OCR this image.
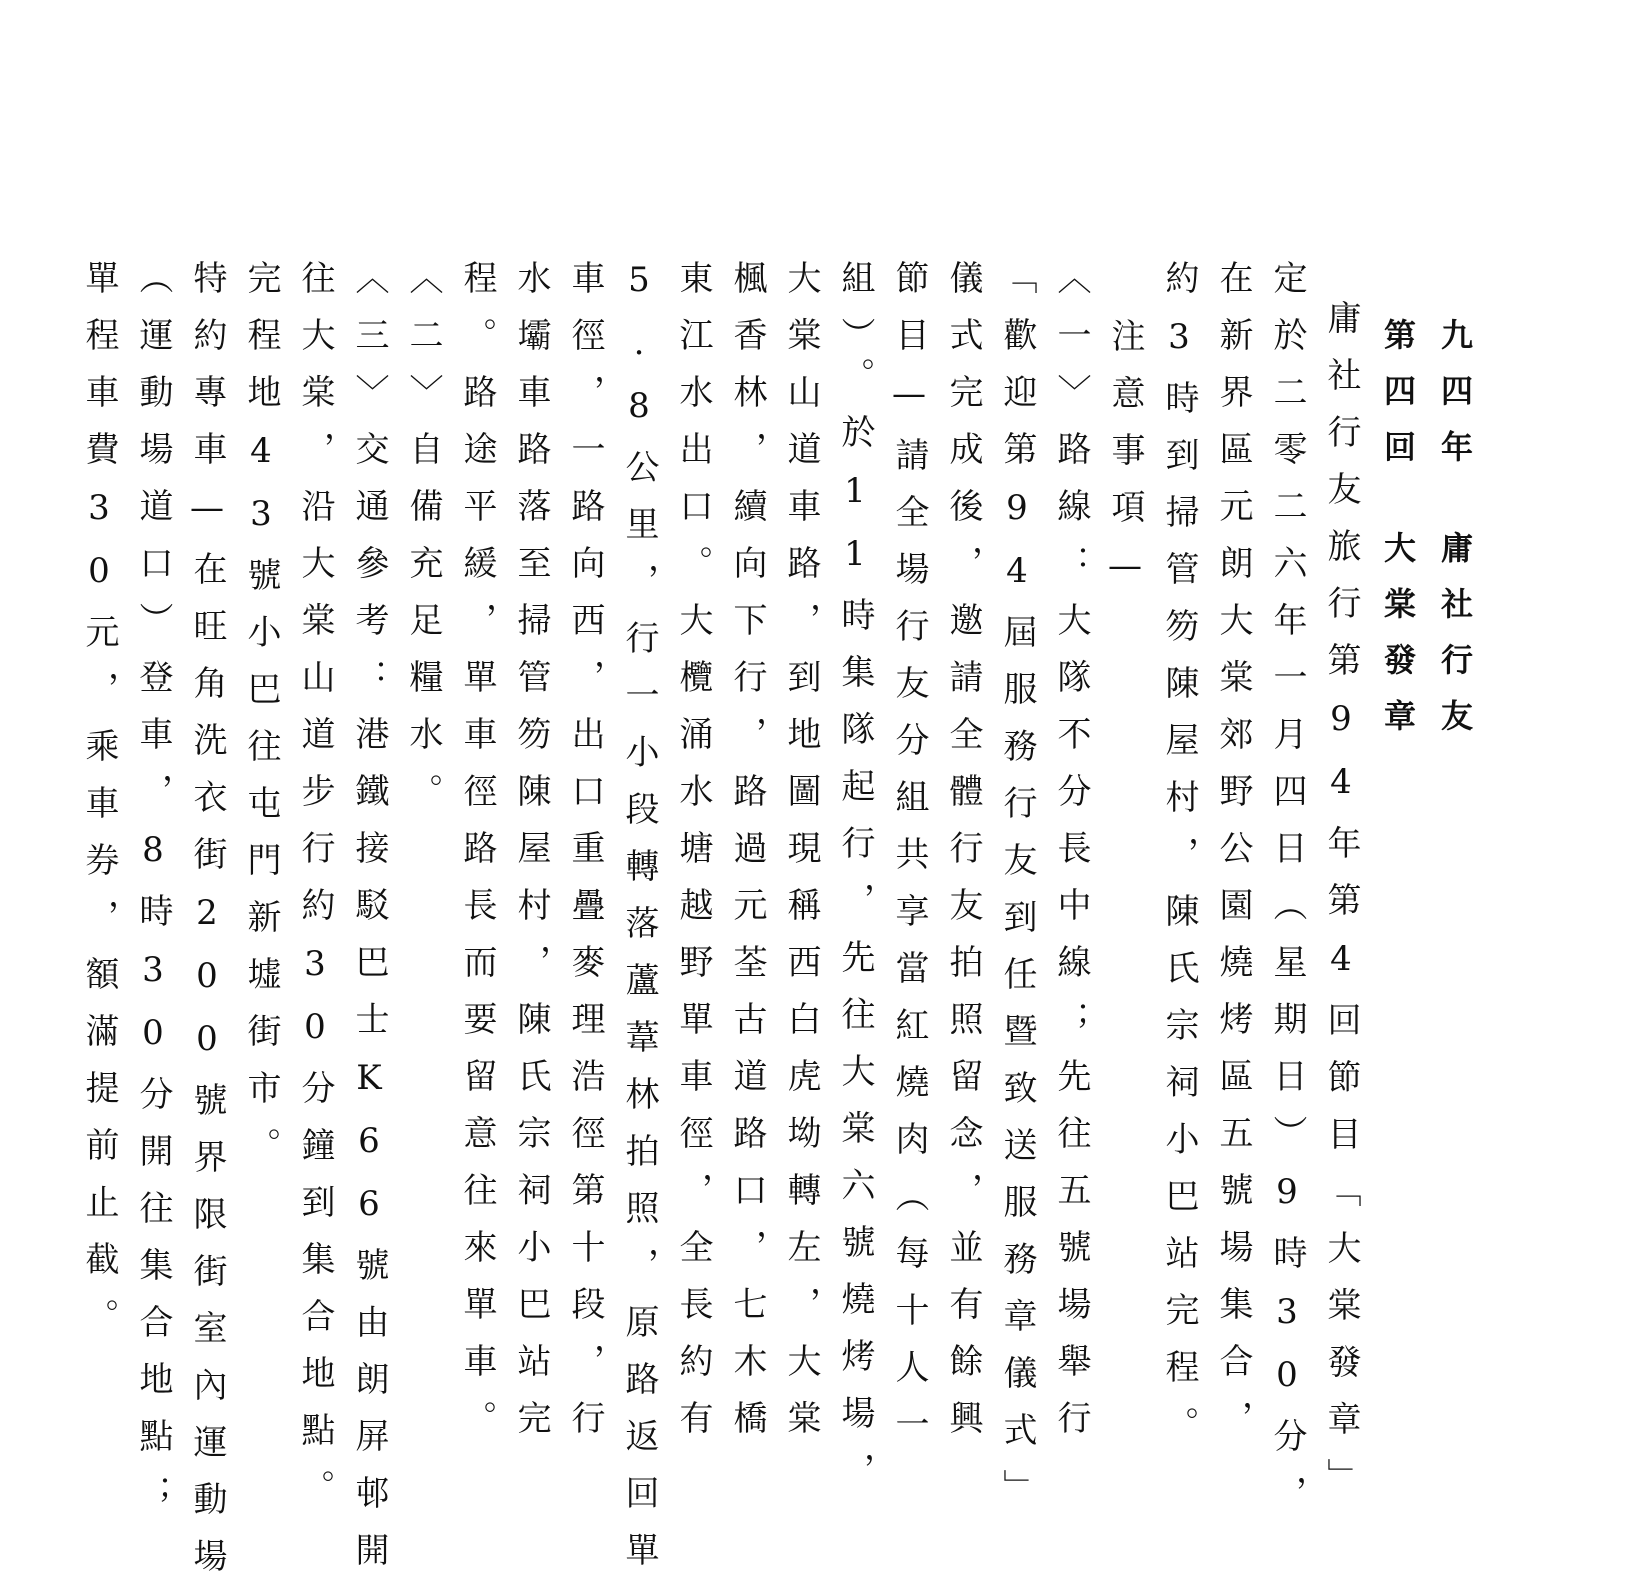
九四年
庸社行友
第四回
大棠發章
庸社行友旅行第94年第4回節目「大棠發章」
定於二零二六年一月四日（星期日）9時30分，
在新界區元朗大棠郊野公園燒烤區五號場集合，
約3時到掃管笏陳屋村，陳氏宗祠小巴站完程。
注意事項—
〈一〉路線：大隊不分長中線；先往五號場舉行
「歡迎第94屆服務行友到任暨致送服務章儀式」
儀式完成後，邀請全體行友拍照留念，並有餘興
節目—請全場行友分組共享當紅燒肉（每十人一
組）。於11時集隊起行，先往大棠六號燒烤場，
大棠山道車路，到地圖現稱西白虎坳轉左，大棠
楓香林，續向下行，路過元荃古道路口，七木橋
東江水出口。大欖涌水塘越野單車徑，全長約有
5.8公里，行一小段轉落蘆葦林拍照，原路返回單
車徑，一路向西，出口重疊麥理浩徑第十段，行
水壩車路落至掃管笏陳屋村，陳氏宗祠小巴站完
程。路途平緩，單車徑路長而要留意往來單車。
〈二〉自備充足糧水。
〈三〉交通參考：港鐵接駁巴士K66號由朗屏邨開
往大棠，沿大棠山道步行約30分鐘到集合地點。
完程地43號小巴往屯門新墟街市。
特約專車—在旺角洗衣街200號界限街室內運動場
（運動場道口）登車，8時30分開往集合地點；
單程車費30元，乘車券，額滿提前止截。
